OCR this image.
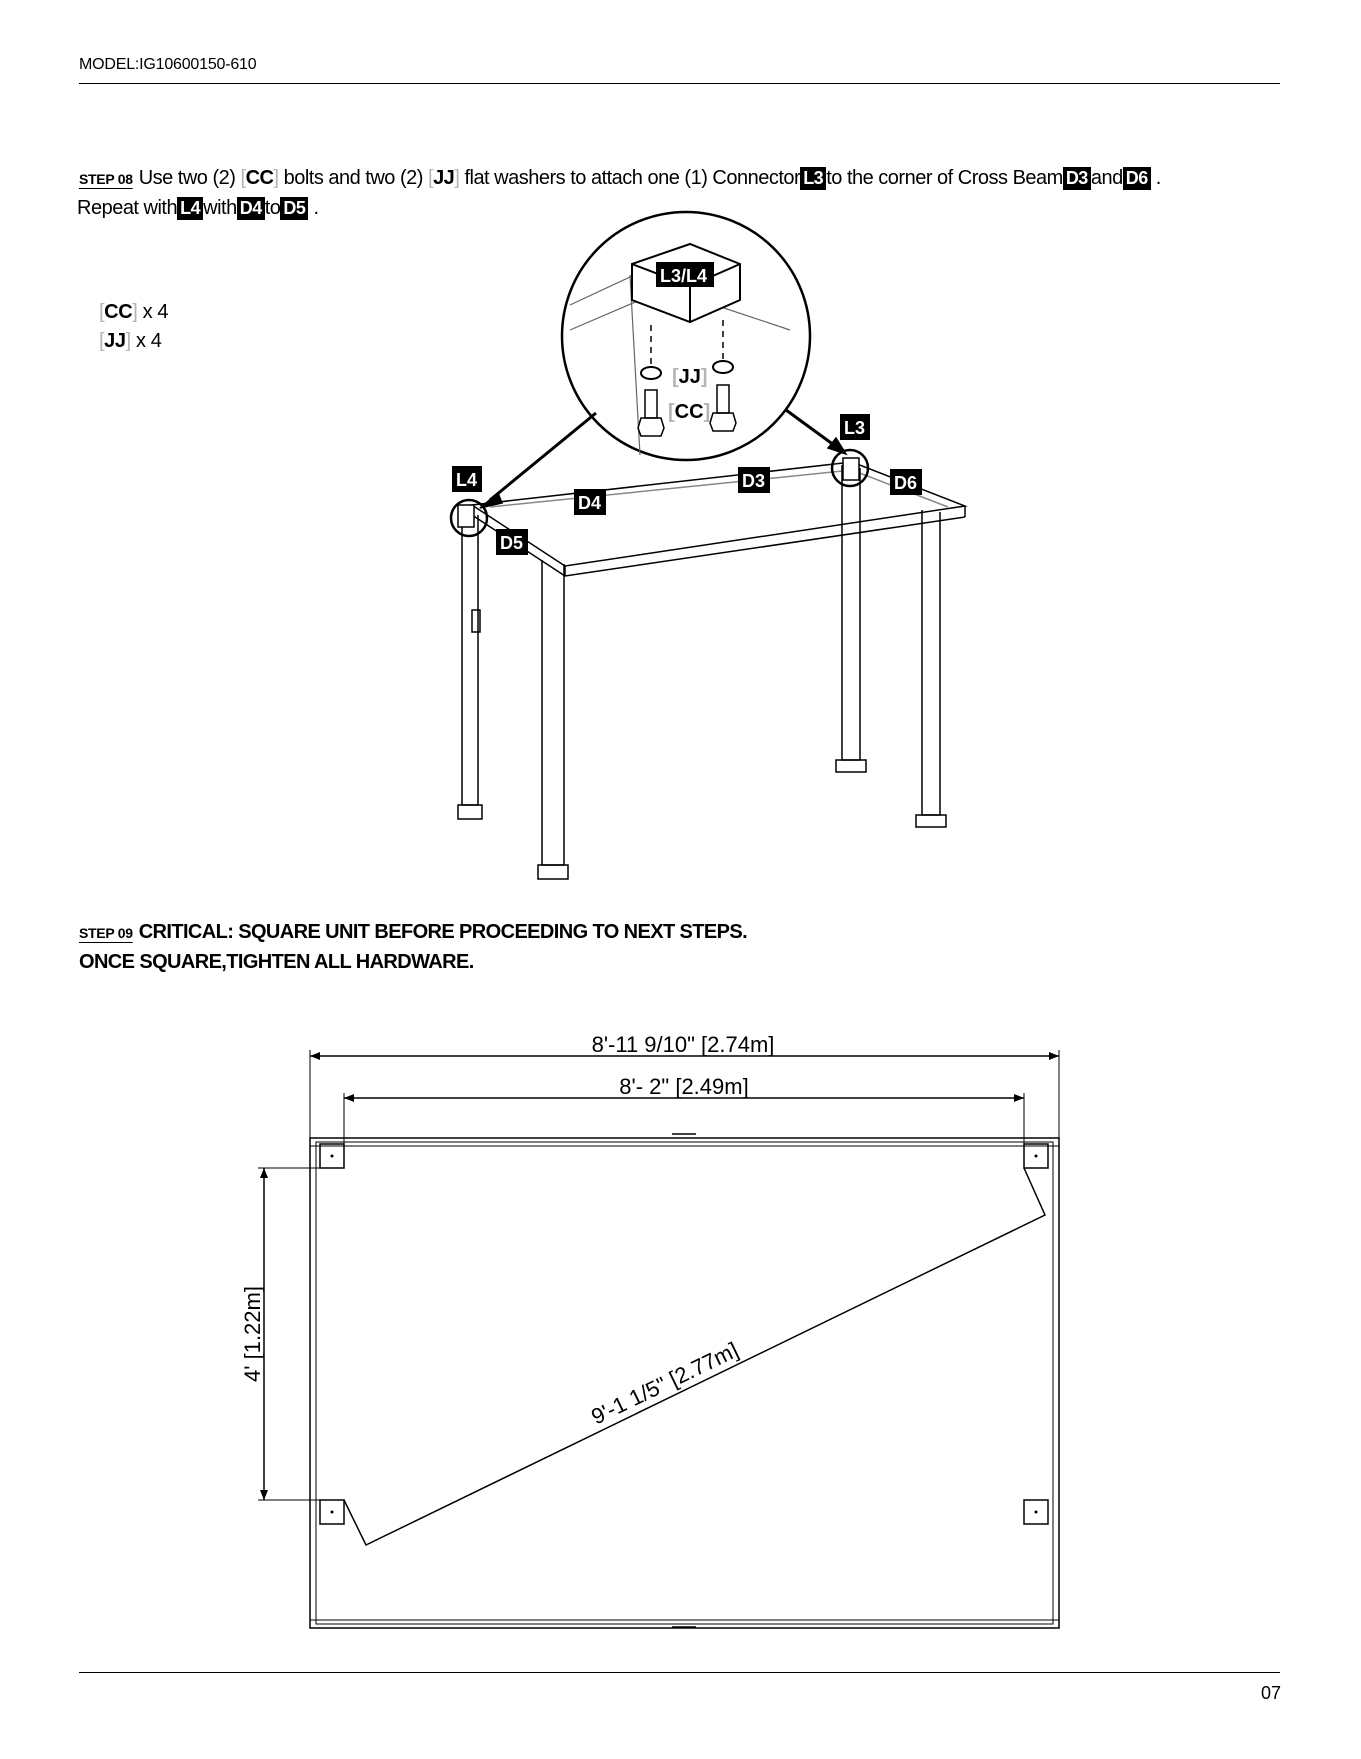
MODEL:IG10600150-610
STEP 08 Use two (2) [CC] bolts and two (2) [JJ] flat washers to attach one (1) Connector L3 to the corner of Cross Beam D3 and D6 .
Repeat with L4 with D4 to D5 .
[CC] x 4
[JJ] x 4
L3/L4
[JJ]
[CC]
L3
L4	D3
D4
D5
D6
STEP 09 CRITICAL: SQUARE UNIT BEFORE PROCEEDING TO NEXT STEPS.
ONCE SQUARE,TIGHTEN ALL HARDWARE.
8'-11 9/10" [2.74m]
8'- 2" [2.49m]
4' [1.22m]
9'-1 1/5" [2.77m]
07
